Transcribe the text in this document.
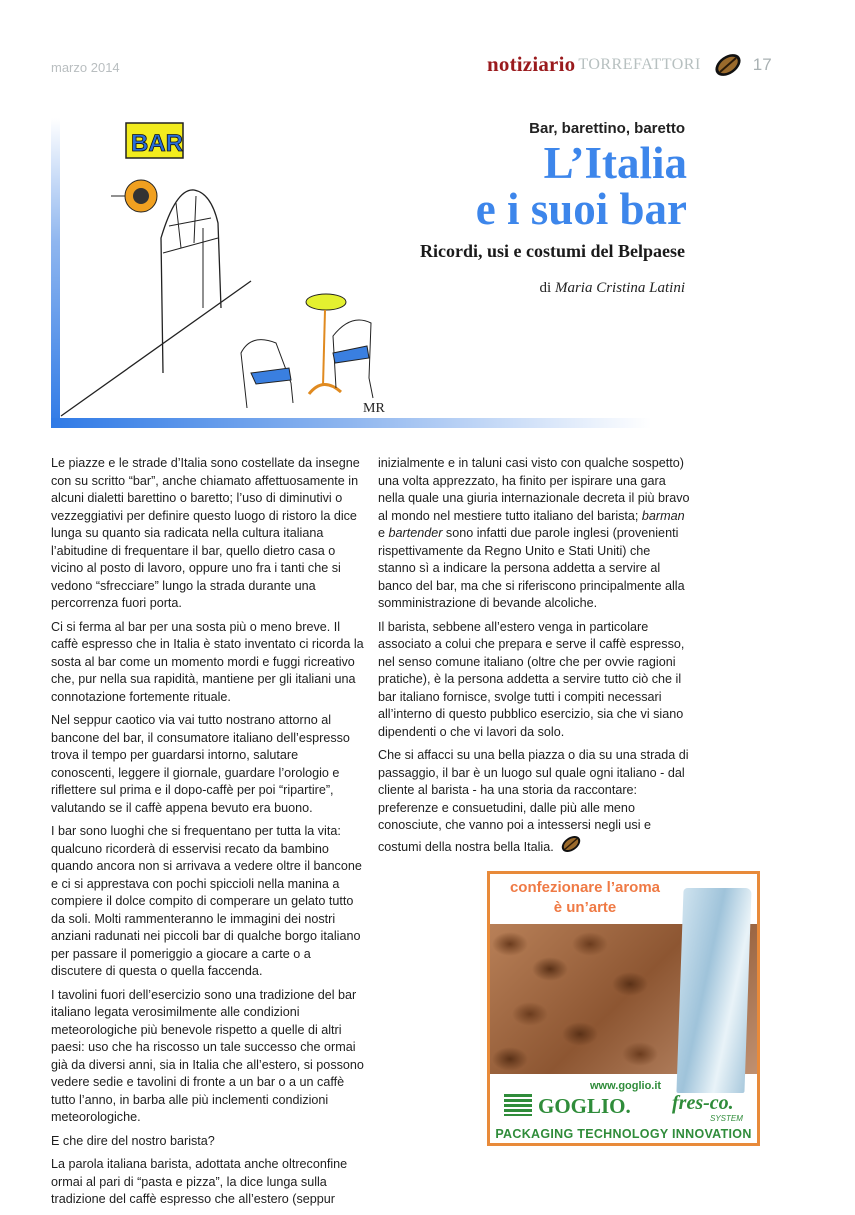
marzo 2014	notiziario TORREFATTORI	17
BAR
MR
Bar, barettino, baretto
L’Italia
e i suoi bar
Ricordi, usi e costumi del Belpaese
di Maria Cristina Latini

Le piazze e le strade d’Italia sono costellate da insegne con su scritto “bar”, anche chiamato affettuosamente in alcuni dialetti barettino o baretto; l’uso di diminutivi o vezzeggiativi per definire questo luogo di ristoro la dice lunga su quanto sia radicata nella cultura italiana l’abitudine di frequentare il bar, quello dietro casa o vicino al posto di lavoro, oppure uno fra i tanti che si vedono “sfrecciare” lungo la strada durante una percorrenza fuori porta.

Ci si ferma al bar per una sosta più o meno breve. Il caffè espresso che in Italia è stato inventato ci ricorda la sosta al bar come un momento mordi e fuggi ricreativo che, pur nella sua rapidità, mantiene per gli italiani una connotazione fortemente rituale.

Nel seppur caotico via vai tutto nostrano attorno al bancone del bar, il consumatore italiano dell’espresso trova il tempo per guardarsi intorno, salutare conoscenti, leggere il giornale, guardare l’orologio e riflettere sul prima e il dopo-caffè per poi “ripartire”, valutando se il caffè appena bevuto era buono.

I bar sono luoghi che si frequentano per tutta la vita: qualcuno ricorderà di esservisi recato da bambino quando ancora non si arrivava a vedere oltre il bancone e ci si apprestava con pochi spiccioli nella manina a compiere il dolce compito di comperare un gelato tutto da soli. Molti rammenteranno le immagini dei nostri anziani radunati nei piccoli bar di qualche borgo italiano per passare il pomeriggio a giocare a carte o a discutere di questa o quella faccenda.

I tavolini fuori dell’esercizio sono una tradizione del bar italiano legata verosimilmente alle condizioni meteorologiche più benevole rispetto a quelle di altri paesi: uso che ha riscosso un tale successo che ormai già da diversi anni, sia in Italia che all’estero, si possono vedere sedie e tavolini di fronte a un bar o a un caffè tutto l’anno, in barba alle più inclementi condizioni meteorologiche.

E che dire del nostro barista?

La parola italiana barista, adottata anche oltreconfine ormai al pari di “pasta e pizza”, la dice lunga sulla tradizione del caffè espresso che all’estero (seppur

inizialmente e in taluni casi visto con qualche sospetto) una volta apprezzato, ha finito per ispirare una gara nella quale una giuria internazionale decreta il più bravo al mondo nel mestiere tutto italiano del barista; barman e bartender sono infatti due parole inglesi (provenienti rispettivamente da Regno Unito e Stati Uniti) che stanno sì a indicare la persona addetta a servire al banco del bar, ma che si riferiscono principalmente alla somministrazione di bevande alcoliche.

Il barista, sebbene all’estero venga in particolare associato a colui che prepara e serve il caffè espresso, nel senso comune italiano (oltre che per ovvie ragioni pratiche), è la persona addetta a servire tutto ciò che il bar italiano fornisce, svolge tutti i compiti necessari all’interno di questo pubblico esercizio, sia che vi siano dipendenti o che vi lavori da solo.

Che si affacci su una bella piazza o dia su una strada di passaggio, il bar è un luogo sul quale ogni italiano - dal cliente al barista - ha una storia da raccontare: preferenze e consuetudini, dalle più alle meno conosciute, che vanno poi a intessersi negli usi e costumi della nostra bella Italia.

confezionare l’aroma
è un’arte
www.goglio.it
GOGLIO. fres-co.
SYSTEM
PACKAGING TECHNOLOGY INNOVATION
